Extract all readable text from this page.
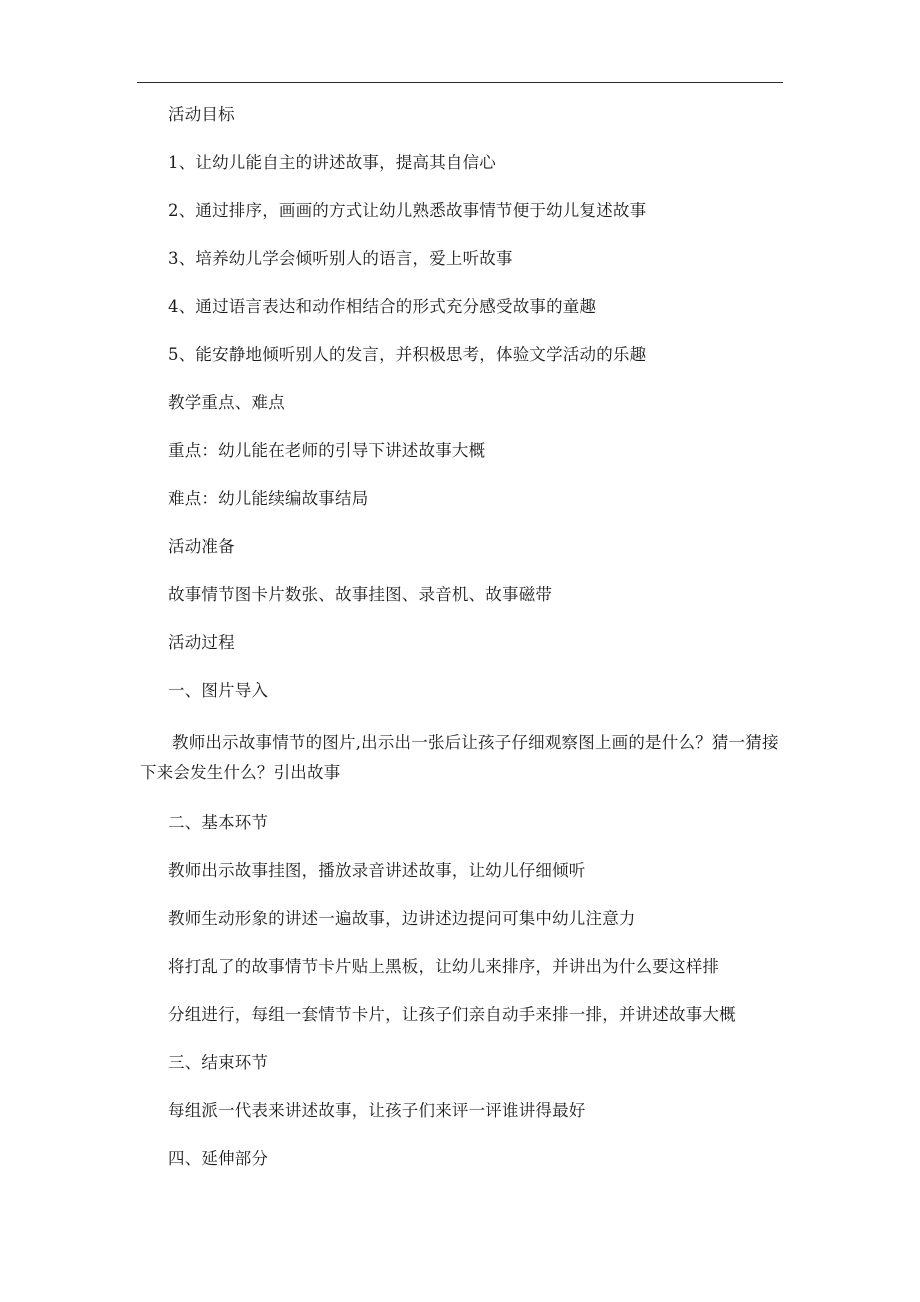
活动目标

1、让幼儿能自主的讲述故事，提高其自信心

2、通过排序，画画的方式让幼儿熟悉故事情节便于幼儿复述故事

3、培养幼儿学会倾听别人的语言，爱上听故事

4、通过语言表达和动作相结合的形式充分感受故事的童趣

5、能安静地倾听别人的发言，并积极思考，体验文学活动的乐趣

教学重点、难点

重点：幼儿能在老师的引导下讲述故事大概

难点：幼儿能续编故事结局

活动准备

故事情节图卡片数张、故事挂图、录音机、故事磁带

活动过程

一、图片导入

教师出示故事情节的图片,出示出一张后让孩子仔细观察图上画的是什么？猜一猜接下来会发生什么？引出故事

二、基本环节

教师出示故事挂图，播放录音讲述故事，让幼儿仔细倾听

教师生动形象的讲述一遍故事，边讲述边提问可集中幼儿注意力

将打乱了的故事情节卡片贴上黑板，让幼儿来排序，并讲出为什么要这样排

分组进行，每组一套情节卡片，让孩子们亲自动手来排一排，并讲述故事大概

三、结束环节

每组派一代表来讲述故事，让孩子们来评一评谁讲得最好

四、延伸部分
